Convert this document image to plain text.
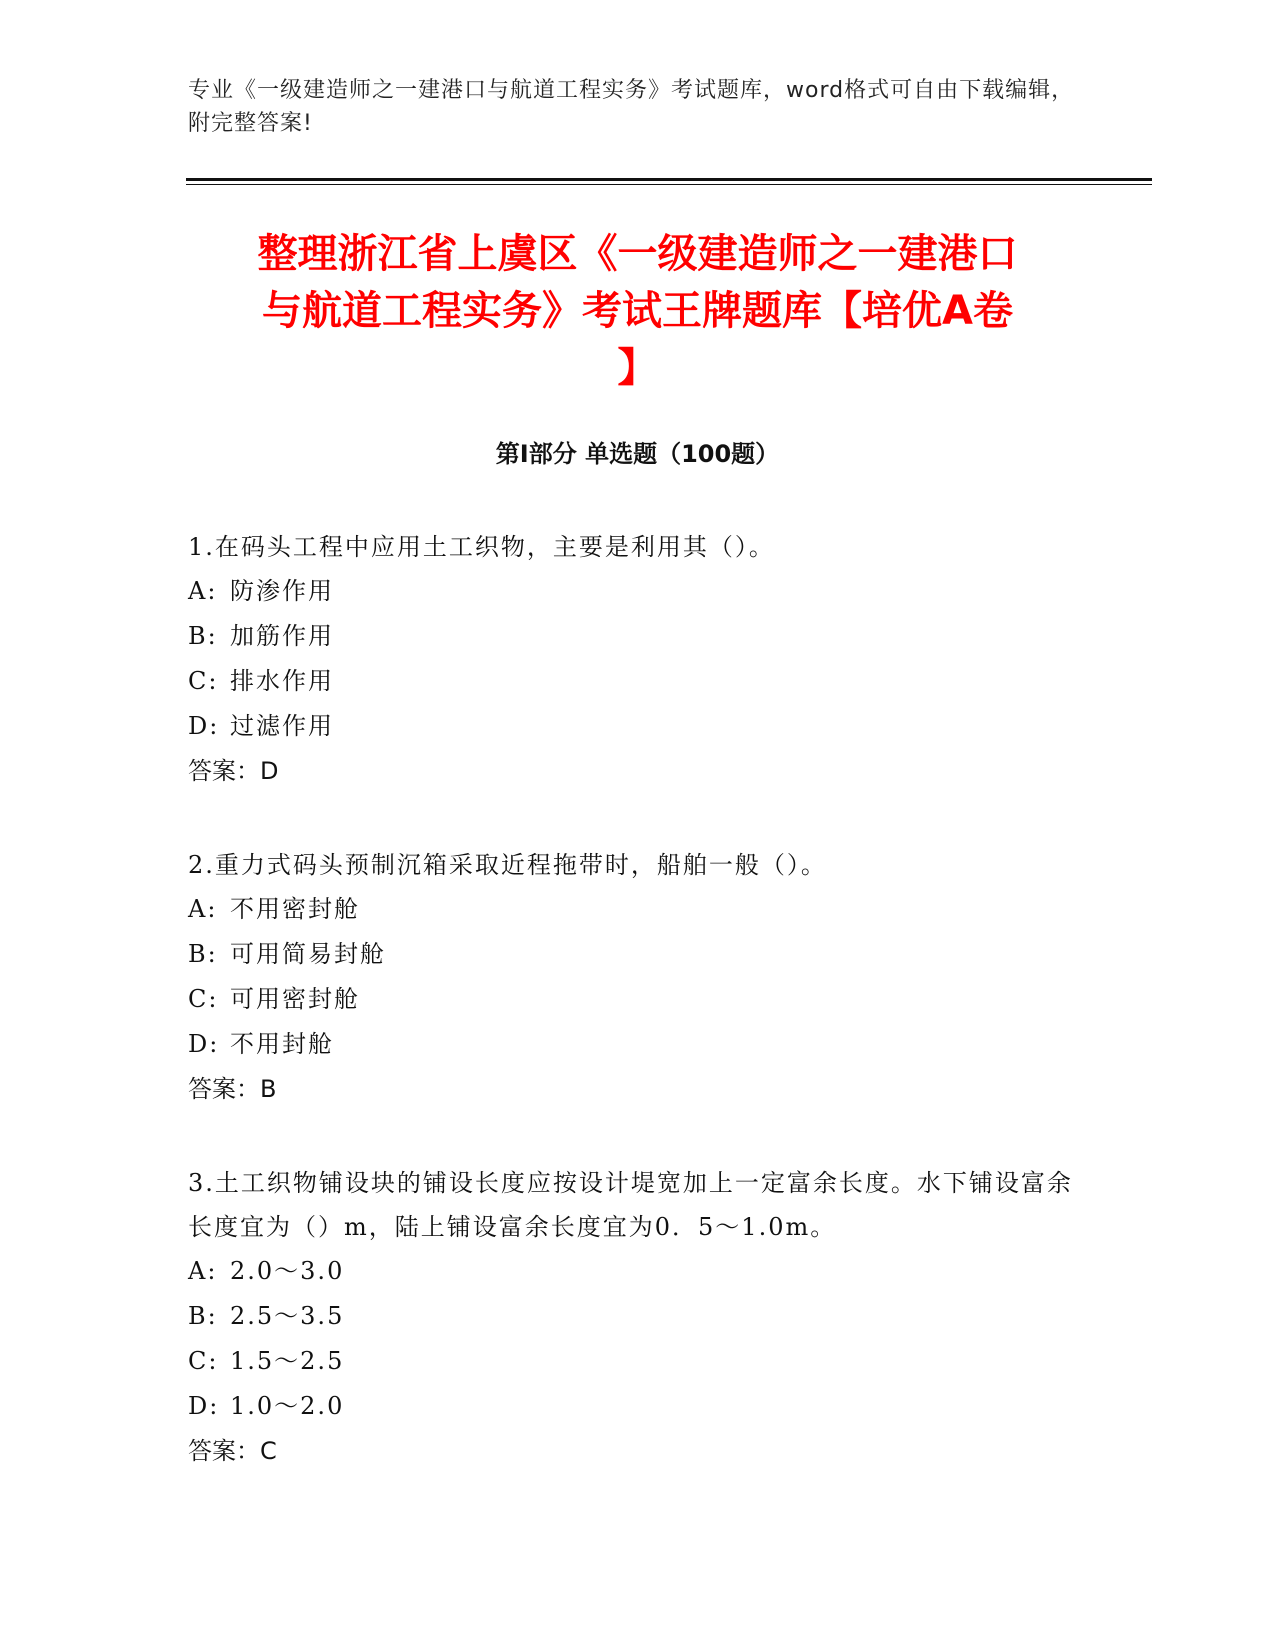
专业《一级建造师之一建港口与航道工程实务》考试题库，word格式可自由下载编辑，附完整答案!
整理浙江省上虞区《一级建造师之一建港口
与航道工程实务》考试王牌题库【培优A卷
】
第I部分 单选题（100题）

1.在码头工程中应用土工织物，主要是利用其（）。

A: 防渗作用

B: 加筋作用

C: 排水作用

D: 过滤作用

答案：D

2.重力式码头预制沉箱采取近程拖带时，船舶一般（）。

A: 不用密封舱

B: 可用简易封舱

C: 可用密封舱

D: 不用封舱

答案：B

3.土工织物铺设块的铺设长度应按设计堤宽加上一定富余长度。水下铺设富余长度宜为（）m，陆上铺设富余长度宜为0．5～1.0m。

A: 2.0～3.0

B: 2.5～3.5

C: 1.5～2.5

D: 1.0～2.0

答案：C
